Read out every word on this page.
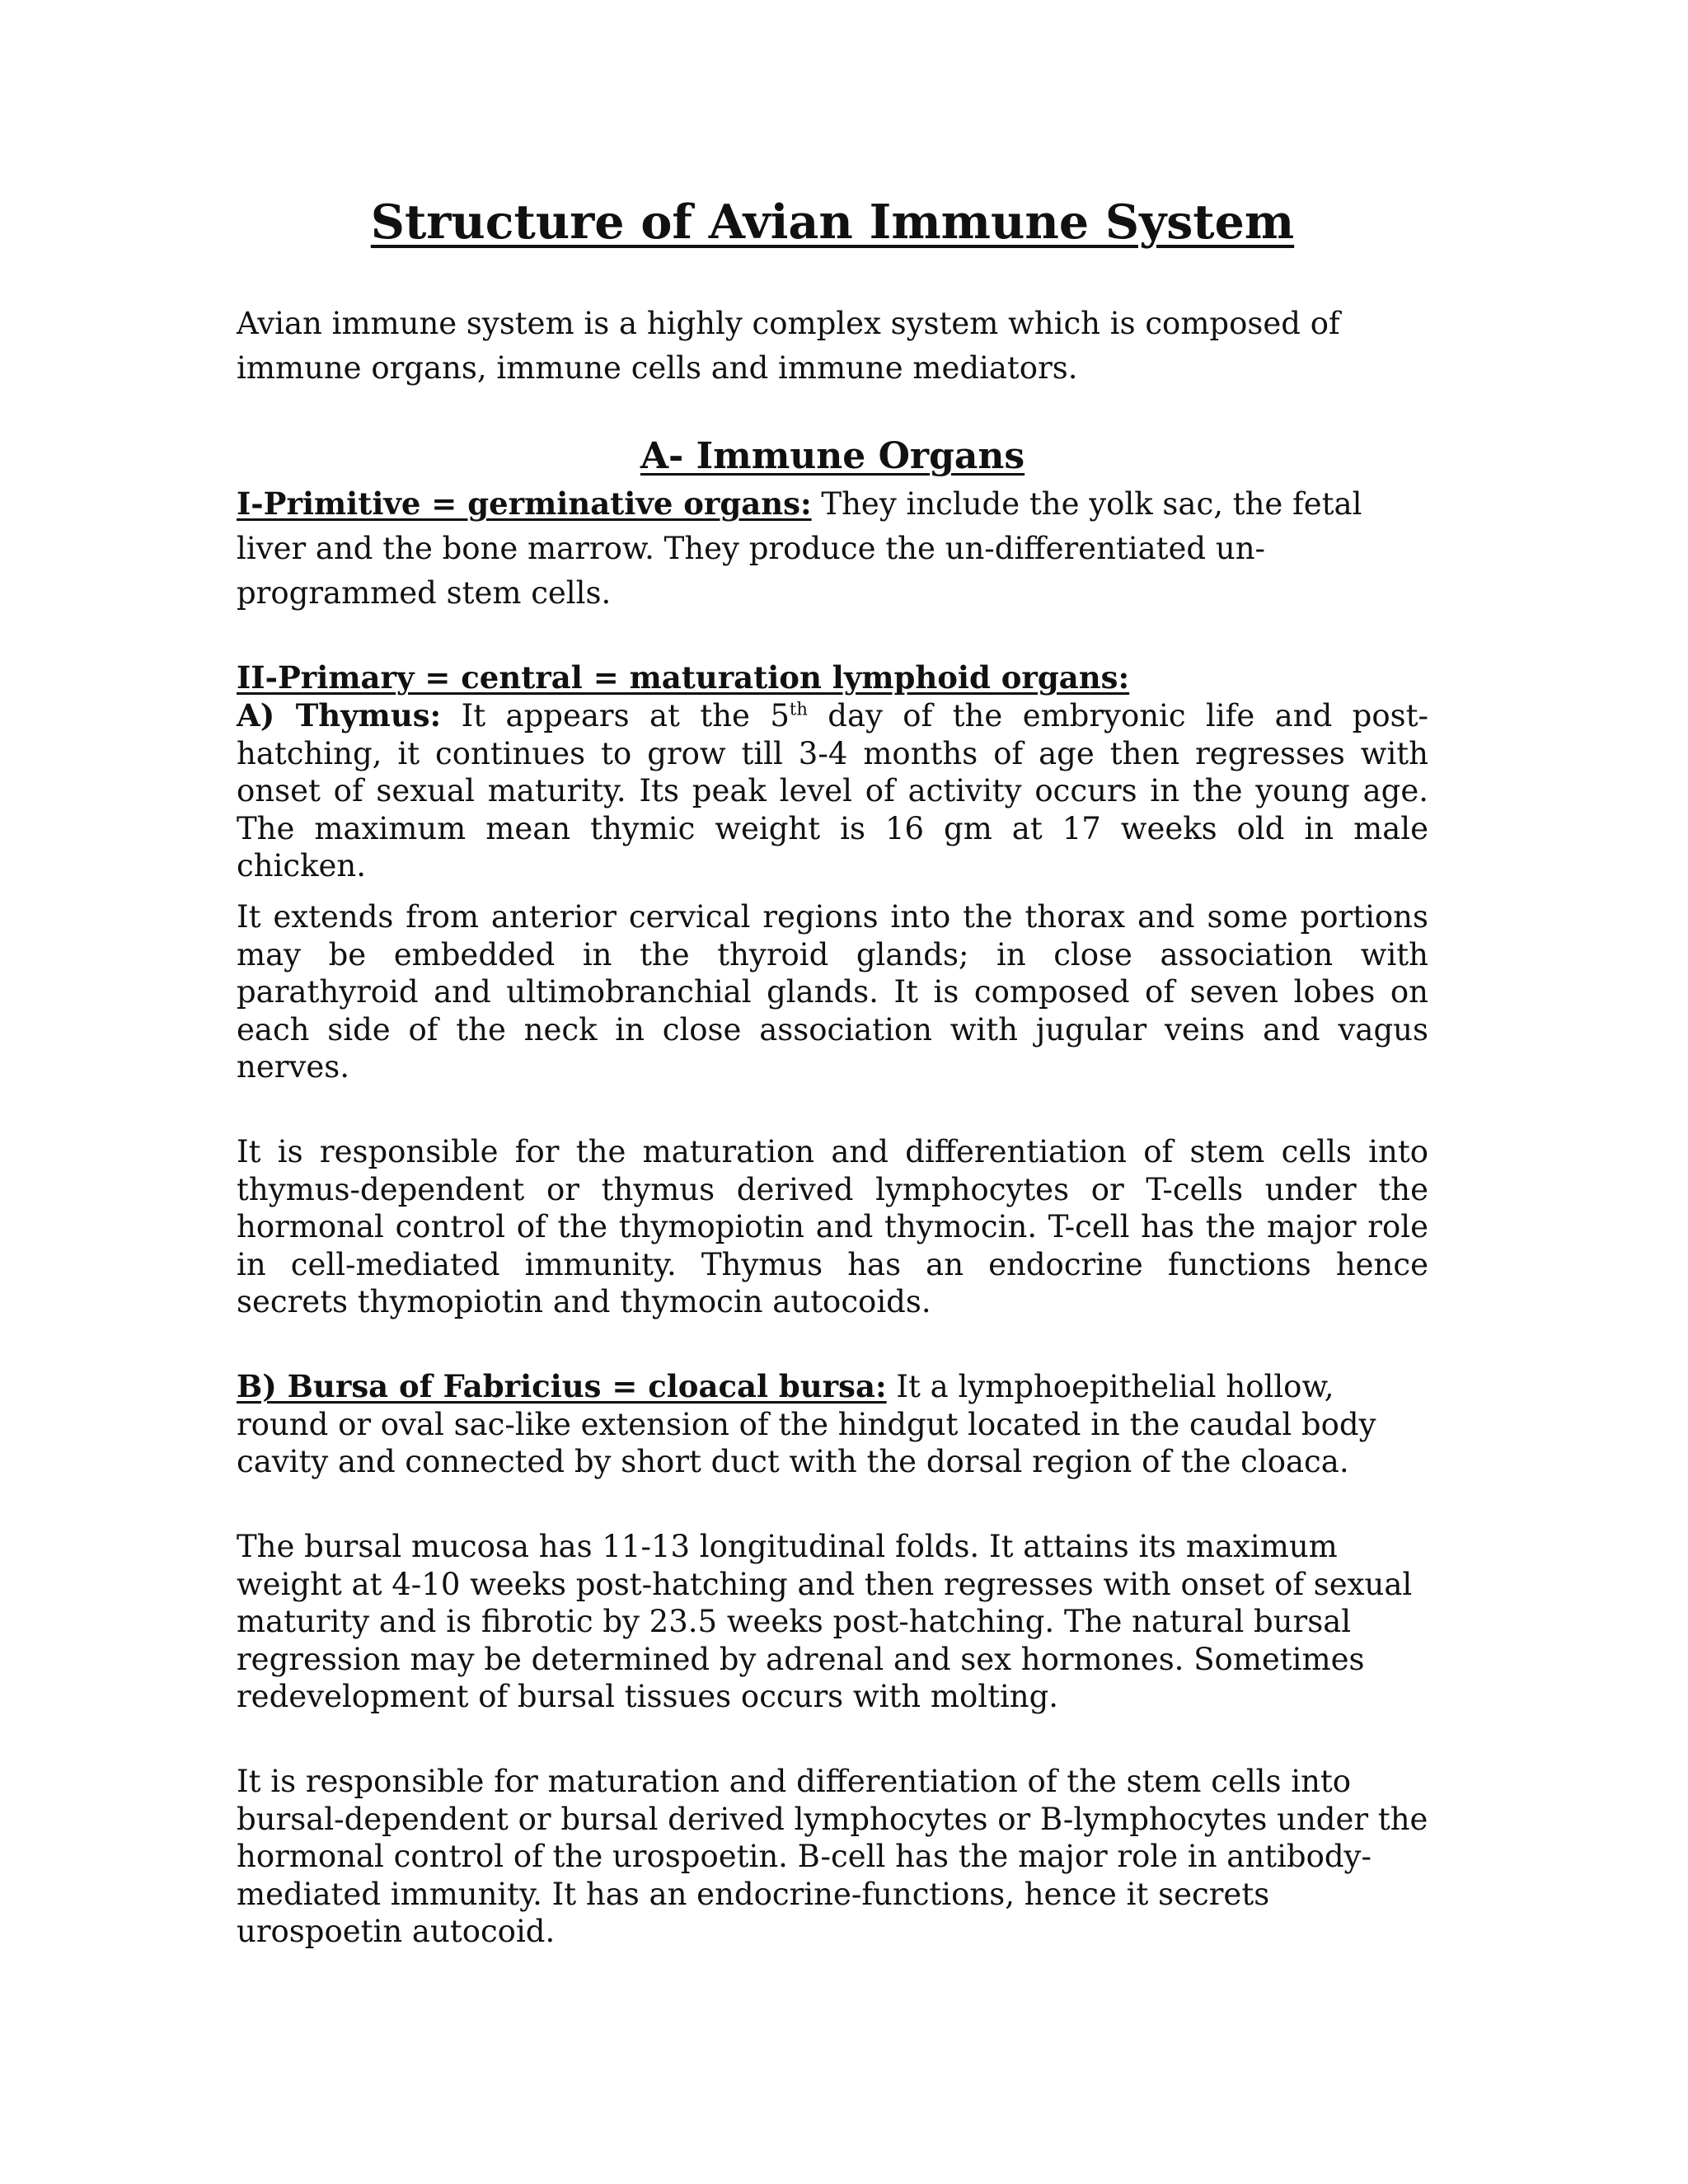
Structure of Avian Immune System

Avian immune system is a highly complex system which is composed of immune organs, immune cells and immune mediators.

A- Immune Organs

I-Primitive = germinative organs: They include the yolk sac, the fetal liver and the bone marrow. They produce the un-differentiated un-programmed stem cells.

II-Primary = central = maturation lymphoid organs:

A) Thymus: It appears at the 5th day of the embryonic life and post-hatching, it continues to grow till 3-4 months of age then regresses with onset of sexual maturity. Its peak level of activity occurs in the young age. The maximum mean thymic weight is 16 gm at 17 weeks old in male chicken.

It extends from anterior cervical regions into the thorax and some portions may be embedded in the thyroid glands; in close association with parathyroid and ultimobranchial glands. It is composed of seven lobes on each side of the neck in close association with jugular veins and vagus nerves.

It is responsible for the maturation and differentiation of stem cells into thymus-dependent or thymus derived lymphocytes or T-cells under the hormonal control of the thymopiotin and thymocin. T-cell has the major role in cell-mediated immunity. Thymus has an endocrine functions hence secrets thymopiotin and thymocin autocoids.

B) Bursa of Fabricius = cloacal bursa: It a lymphoepithelial hollow, round or oval sac-like extension of the hindgut located in the caudal body cavity and connected by short duct with the dorsal region of the cloaca.

The bursal mucosa has 11-13 longitudinal folds. It attains its maximum weight at 4-10 weeks post-hatching and then regresses with onset of sexual maturity and is fibrotic by 23.5 weeks post-hatching. The natural bursal regression may be determined by adrenal and sex hormones. Sometimes redevelopment of bursal tissues occurs with molting.

It is responsible for maturation and differentiation of the stem cells into bursal-dependent or bursal derived lymphocytes or B-lymphocytes under the hormonal control of the urospoetin. B-cell has the major role in antibody-mediated immunity. It has an endocrine-functions, hence it secrets urospoetin autocoid.
